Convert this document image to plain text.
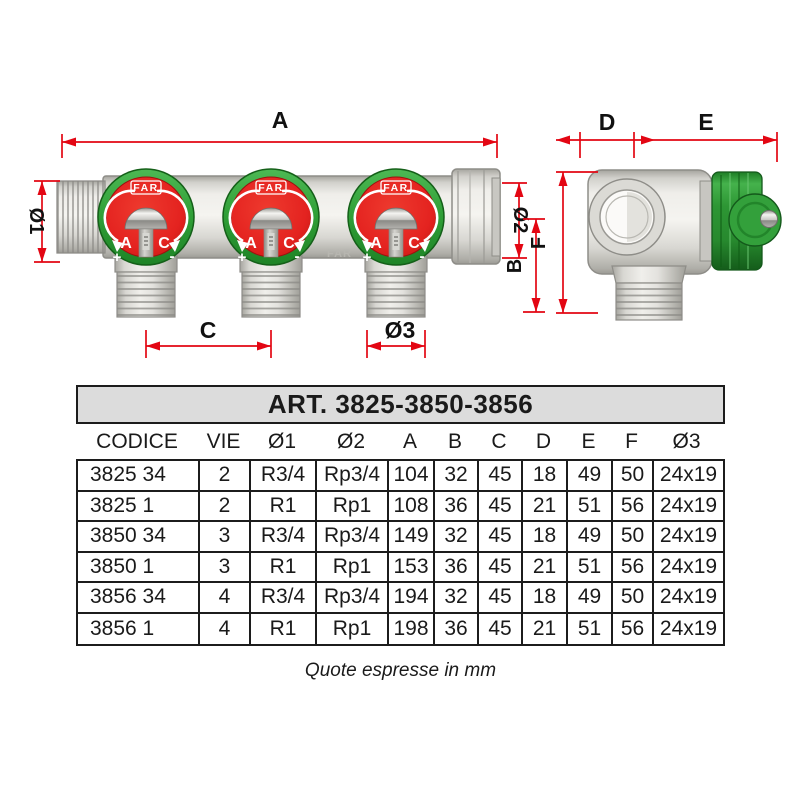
FAR
FAR
A C
+	-
FAR
A C
+	-
FAR
A C
+	-
A
Ø1	Ø2
B
C	Ø3
D	E
F
ART. 3825-3850-3856
CODICE	VIE	Ø1	Ø2	A	B	C	D	E	F	Ø3
3825 34	2	R3/4 Rp3/4 104 32 45	18	49 50 24x19
3825 1	2	R1	Rp1	108 36 45	21	51 56 24x19
3850 34	3	R3/4 Rp3/4 149 32 45	18	49 50 24x19
3850 1	3	R1	Rp1	153 36 45	21	51 56 24x19
3856 34	4	R3/4 Rp3/4 194 32 45	18	49 50 24x19
3856 1	4	R1	Rp1	198 36 45	21	51 56 24x19
Quote espresse in mm
